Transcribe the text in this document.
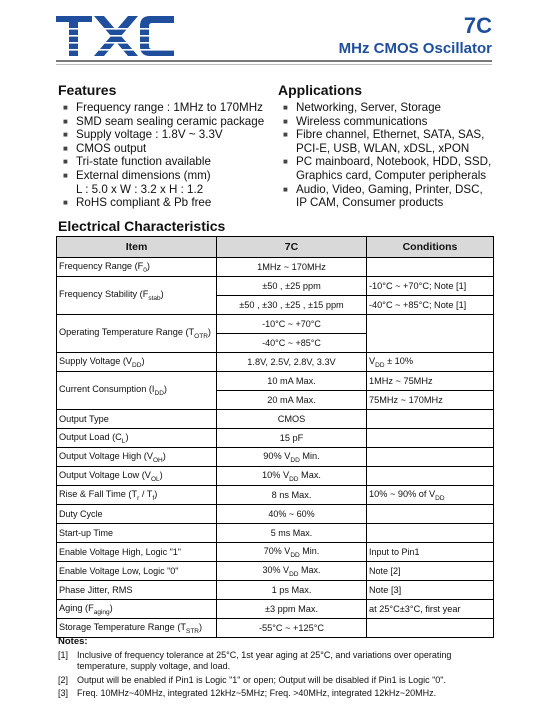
7C
MHz CMOS Oscillator
Features
■ Frequency range : 1MHz to 170MHz
■ SMD seam sealing ceramic package
■ Supply voltage : 1.8V ~ 3.3V
■ CMOS output
■ Tri-state function available
■ External dimensions (mm)
L : 5.0 x W : 3.2 x H : 1.2
■ RoHS compliant & Pb free
Applications
■ Networking, Server, Storage
■ Wireless communications
■ Fibre channel, Ethernet, SATA, SAS,
PCI-E, USB, WLAN, xDSL, xPON
■ PC mainboard, Notebook, HDD, SSD,
Graphics card, Computer peripherals
■ Audio, Video, Gaming, Printer, DSC,
IP CAM, Consumer products
Electrical Characteristics
Item	7C	Conditions
Frequency Range $(F_0)$	1MHz ~ 170MHz	
Frequency Stability $(F_{stab})$	±50 , ±25 ppm	-10°C ~ +70°C; Note [1]
	±50 , ±30 , ±25 , ±15 ppm	-40°C ~ +85°C; Note [1]
Operating Temperature Range $(T_{OTR})$	-10°C ~ +70°C	
	-40°C ~ +85°C	
Supply Voltage $(V_{DD})$	1.8V, 2.5V, 2.8V, 3.3V	$V_{DD} \pm 10\%$
Current Consumption $(I_{DD})$	10 mA Max.	1MHz ~ 75MHz
	20 mA Max.	75MHz ~ 170MHz
Output Type	CMOS	
Output Load $(C_L)$	15 pF	
Output Voltage High $(V_{OH})$	90% $V_{DD}$ Min.	
Output Voltage Low $(V_{OL})$	10% $V_{DD}$ Max.	
Rise & Fall Time $(T_r / T_f)$	8 ns Max.	10% ~ 90% of $V_{DD}$
Duty Cycle	40% ~ 60%	
Start-up Time	5 ms Max.	
Enable Voltage High, Logic "1"	70% $V_{DD}$ Min.	Input to Pin1
Enable Voltage Low, Logic "0"	30% $V_{DD}$ Max.	Note [2]
Phase Jitter, RMS	1 ps Max.	Note [3]
Aging $(F_{aging})$	±3 ppm Max.	at 25°C±3°C, first year
Storage Temperature Range $(T_{STR})$	-55°C ~ +125°C	
Notes:
[1] Inclusive of frequency tolerance at 25°C, 1st year aging at 25°C, and variations over operating temperature, supply voltage, and load.
[2] Output will be enabled if Pin1 is Logic "1" or open; Output will be disabled if Pin1 is Logic "0".
[3] Freq. 10MHz~40MHz, integrated 12kHz~5MHz; Freq. >40MHz, integrated 12kHz~20MHz.
